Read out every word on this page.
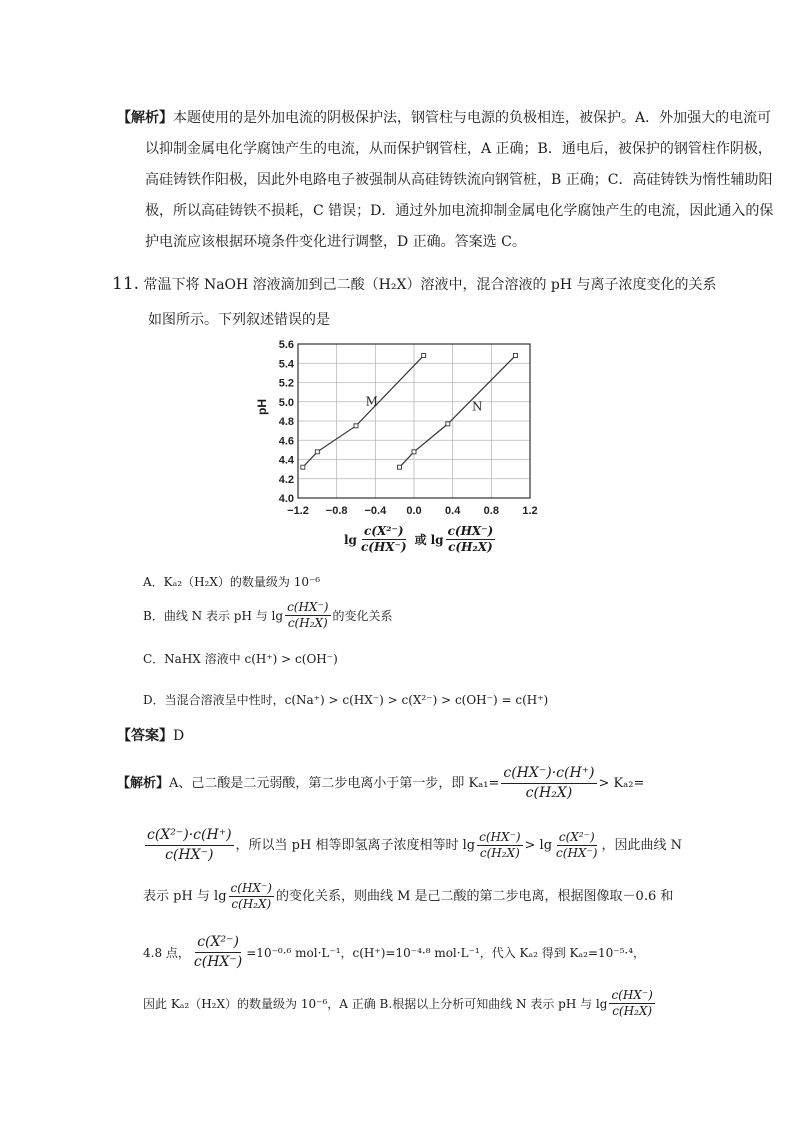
【解析】本题使用的是外加电流的阴极保护法，钢管柱与电源的负极相连，被保护。A．外加强大的电流可
以抑制金属电化学腐蚀产生的电流，从而保护钢管柱，A 正确；B．通电后，被保护的钢管柱作阴极，
高硅铸铁作阳极，因此外电路电子被强制从高硅铸铁流向钢管桩，B 正确；C．高硅铸铁为惰性辅助阳
极，所以高硅铸铁不损耗，C 错误；D．通过外加电流抑制金属电化学腐蚀产生的电流，因此通入的保
护电流应该根据环境条件变化进行调整，D 正确。答案选 C。
11. 常温下将 NaOH 溶液滴加到己二酸（H₂X）溶液中，混合溶液的 pH 与离子浓度变化的关系
如图所示。下列叙述错误的是
M	N
4.0
4.2
4.4
4.6
4.8
5.0
5.2
5.4
5.6
−1.2 −0.8 −0.4 0.0 0.4 0.8 1.2
pH
$\lg \frac{\text{c(X²⁻)}}{c(HX^-)}$ 或 $\lg \frac{c(HX^-)}{\text{c(H₂X)}}$
A．Kₐ₂（H₂X）的数量级为 10⁻⁶
B．曲线 N 表示 pH 与 $\lg \frac{c(HX^-)}{\text{c(H₂X)}}$ 的变化关系
C．NaHX 溶液中 c(H⁺) > c(OH⁻)
D．当混合溶液呈中性时，c(Na⁺) > c(HX⁻) > c(X²⁻) > c(OH⁻) = c(H⁺)
【答案】D
【解析】 A、己二酸是二元弱酸，第二步电离小于第一步，即 $K_{a1}= \frac{c(HX^-)\cdot c(H^+)}{\text{c(H₂X)}} > K_{a2}=$
$\frac{\text{c(X²⁻)·c(H⁺)}}{c(HX^-)}$ ，所以当 pH 相等即氢离子浓度相等时 $\lg \frac{c(HX^-)}{\text{c(H₂X)}} > \lg \frac{\text{c(X²⁻)}}{c(HX^-)}$ ，因此曲线 N
表示 pH 与 $\lg \frac{c(HX^-)}{\text{c(H₂X)}}$ 的变化关系，则曲线 M 是己二酸的第二步电离，根据图像取－0.6 和
4.8 点， $\frac{\text{c(X²⁻)}}{c(HX^-)} =10^{-0}\cdot^6$ mol·L⁻¹，c(H⁺)=10⁻⁴·⁸ mol·L⁻¹，代入 Kₐ₂ 得到 Kₐ₂=10⁻⁵·⁴，
因此 Kₐ₂（H₂X）的数量级为 10⁻⁶，A 正确 B.根据以上分析可知曲线 N 表示 pH 与 $\lg \frac{c(HX^-)}{\text{c(H₂X)}}$
